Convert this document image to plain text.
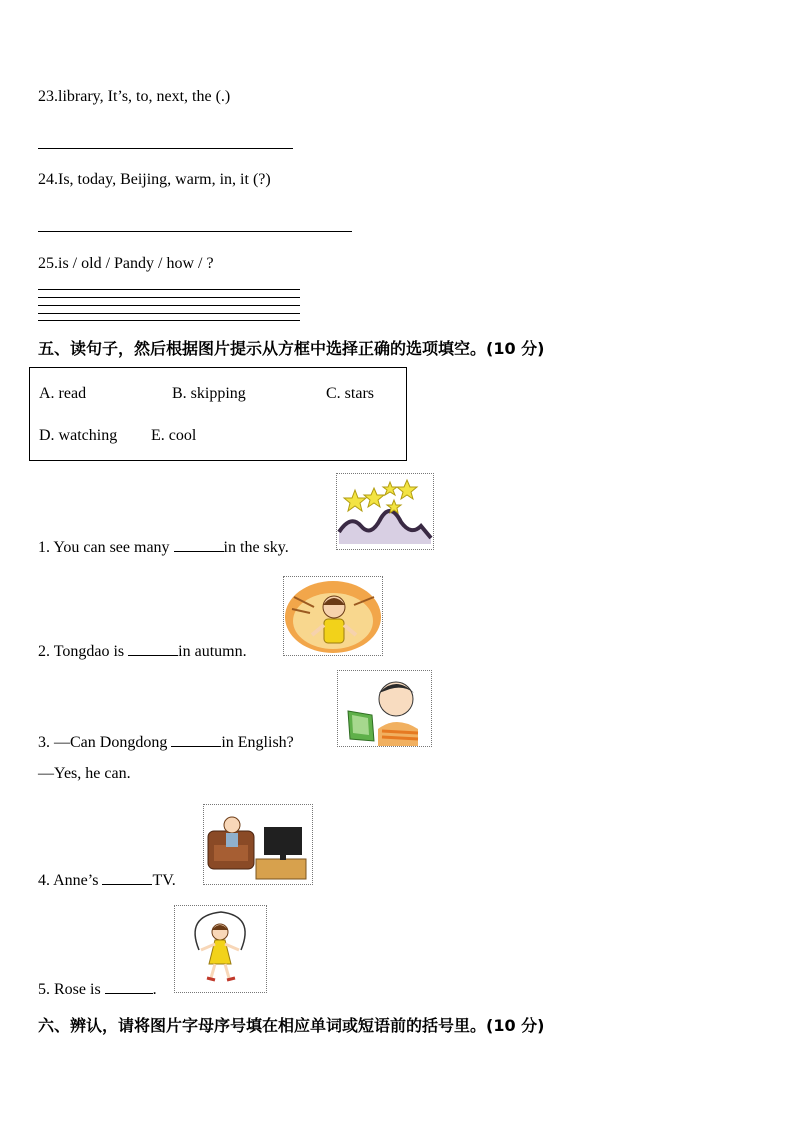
23.library, It’s, to, next, the (.)
24.Is, today, Beijing, warm, in, it (?)
25.is / old / Pandy / how / ?
五、读句子，然后根据图片提示从方框中选择正确的选项填空。(10 分)
A. read	B. skipping	C. stars
D. watching E. cool
1. You can see many	in the sky.
2. Tongdao is	in autumn.
3. —Can Dongdong	in English?
—Yes, he can.
4. Anne’s	TV.
5. Rose is	.
六、辨认，请将图片字母序号填在相应单词或短语前的括号里。(10 分)
